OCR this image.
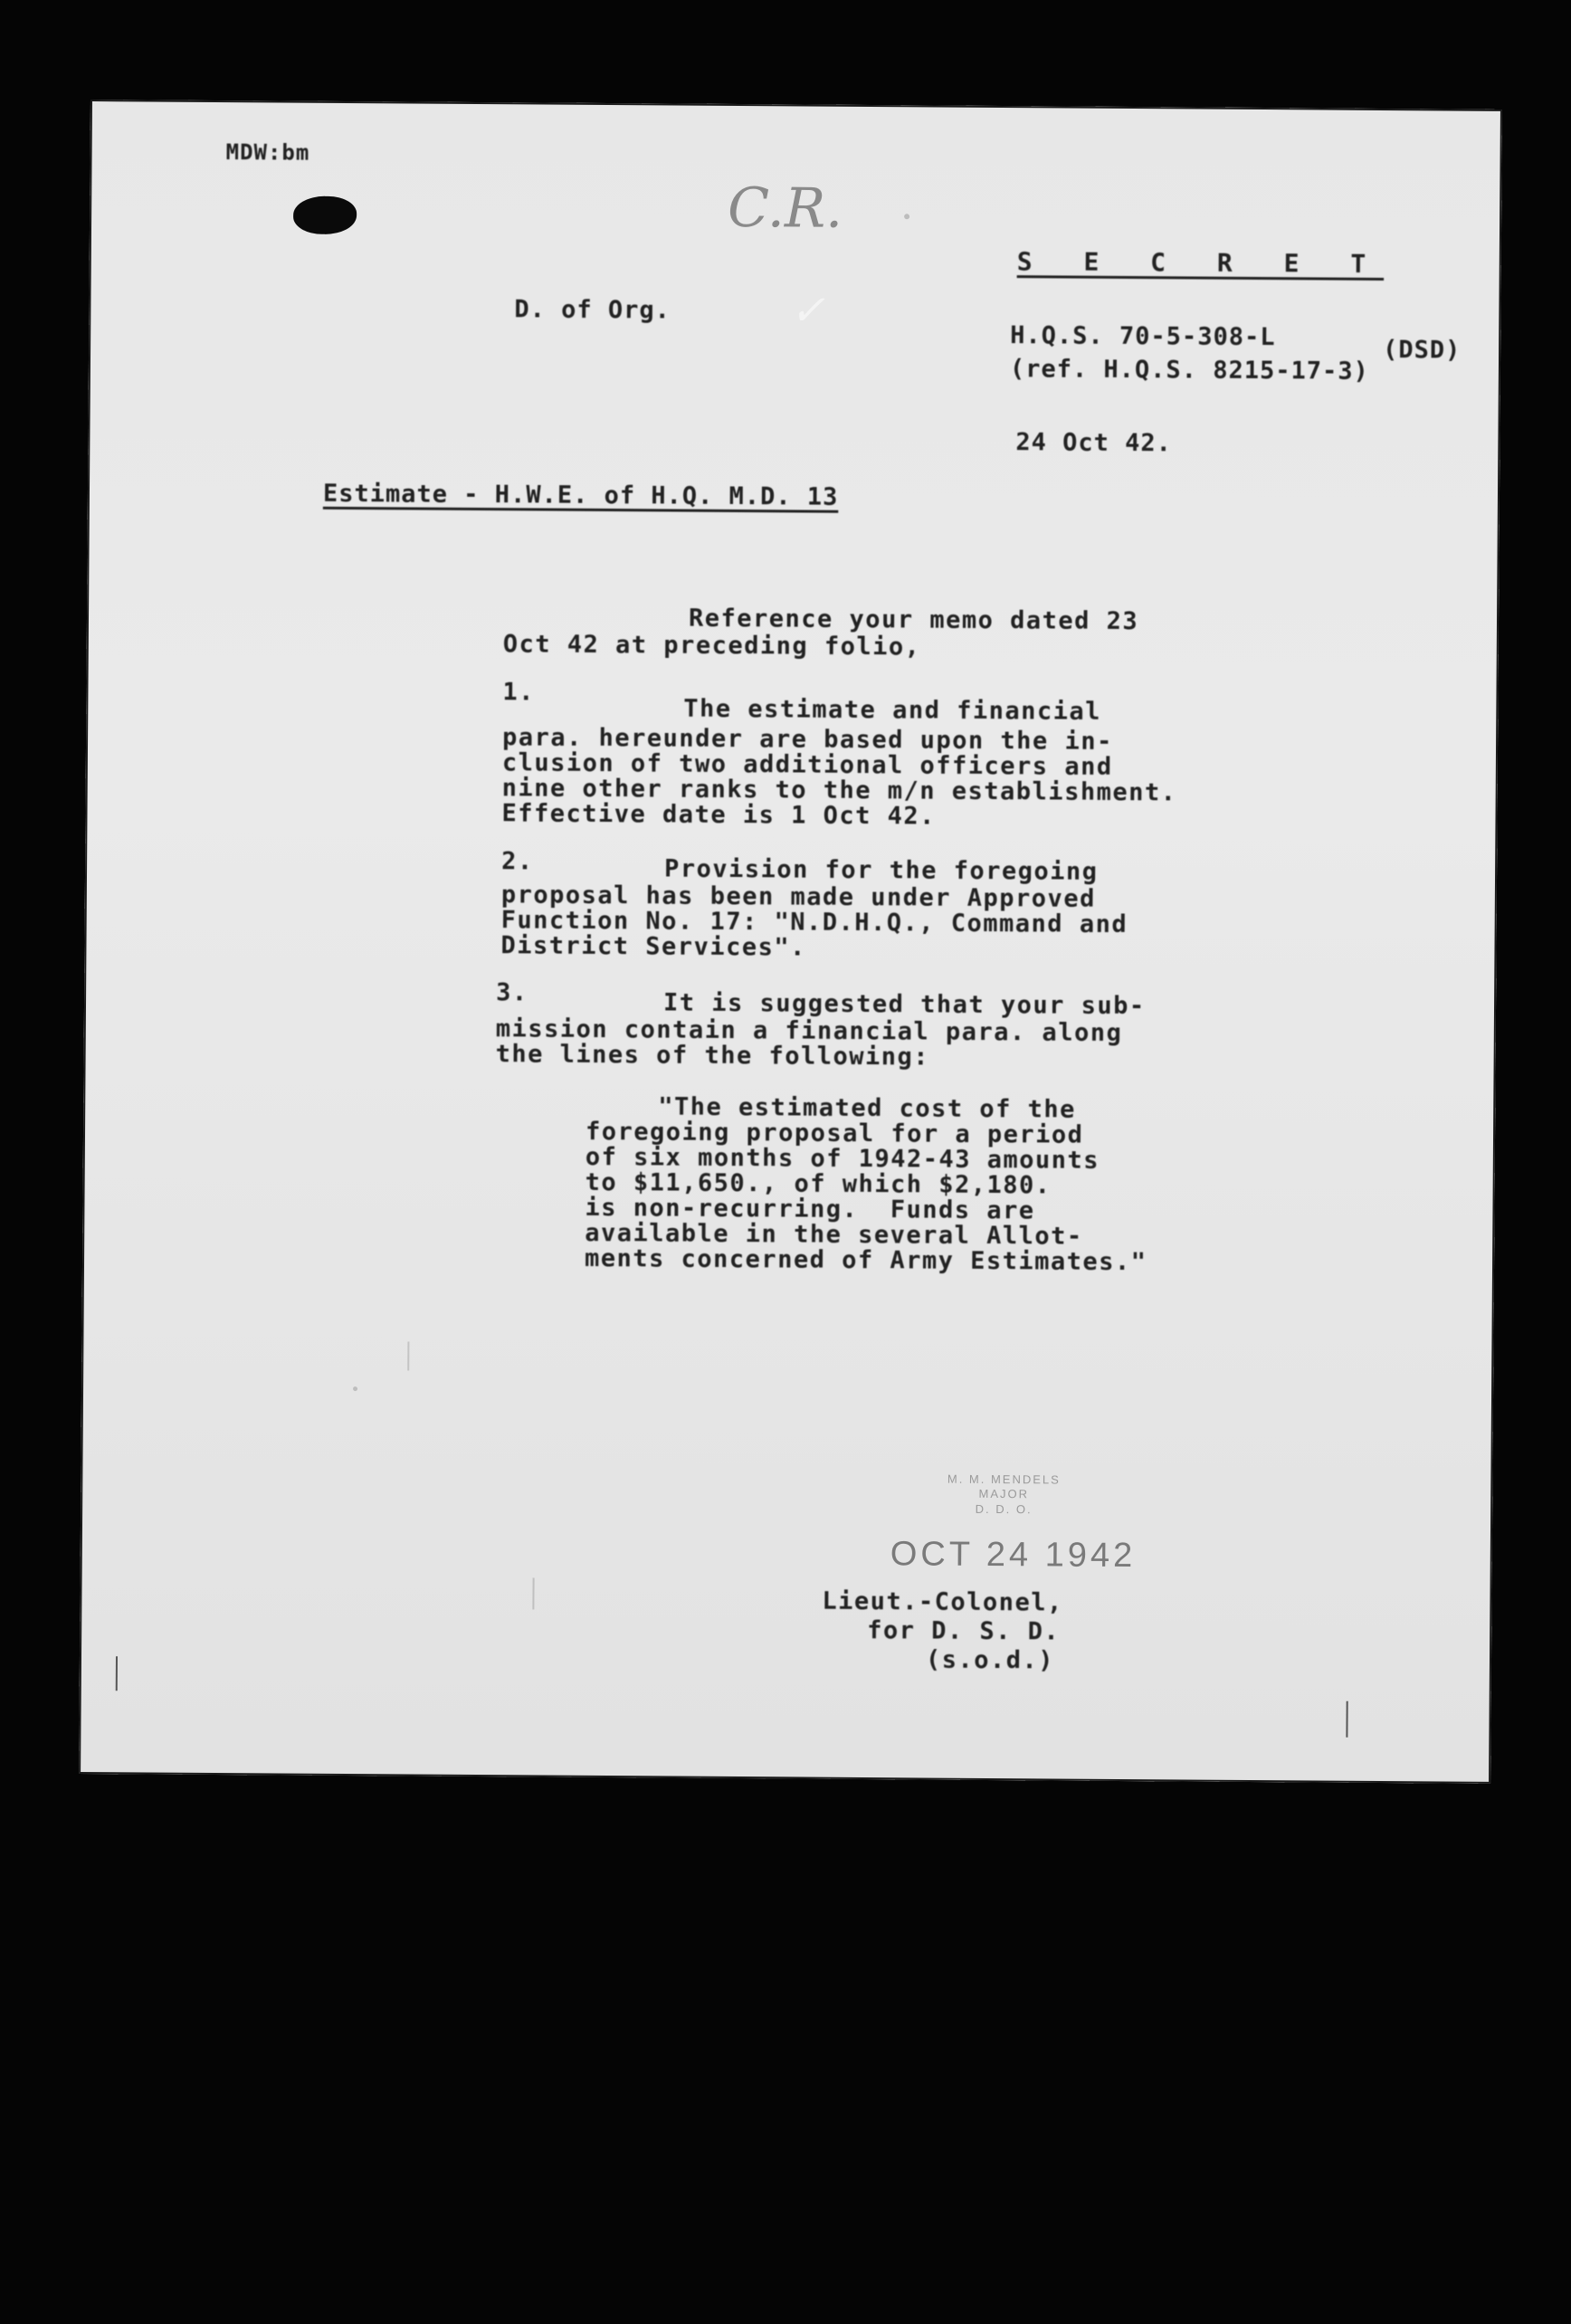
MDW:bm
C.R.
✓
S E C R E T
D. of Org.
H.Q.S. 70-5-308-L	(DSD)
(ref. H.Q.S. 8215-17-3)
24 Oct 42.
Estimate - H.W.E. of H.Q. M.D. 13
Reference your memo dated 23
Oct 42 at preceding folio,
1.
The estimate and financial
para. hereunder are based upon the in-
clusion of two additional officers and
nine other ranks to the m/n establishment.
Effective date is 1 Oct 42.
2.	Provision for the foregoing
proposal has been made under Approved
Function No. 17: "N.D.H.Q., Command and
District Services".
3.	It is suggested that your sub-
mission contain a financial para. along
the lines of the following:
"The estimated cost of the
foregoing proposal for a period
of six months of 1942-43 amounts
to $11,650., of which $2,180.
is non-recurring.  Funds are
available in the several Allot-
ments concerned of Army Estimates."
M. M. MENDELS
MAJOR
D. D. O.
OCT 24 1942
Lieut.-Colonel,
for D. S. D.
(s.o.d.)
